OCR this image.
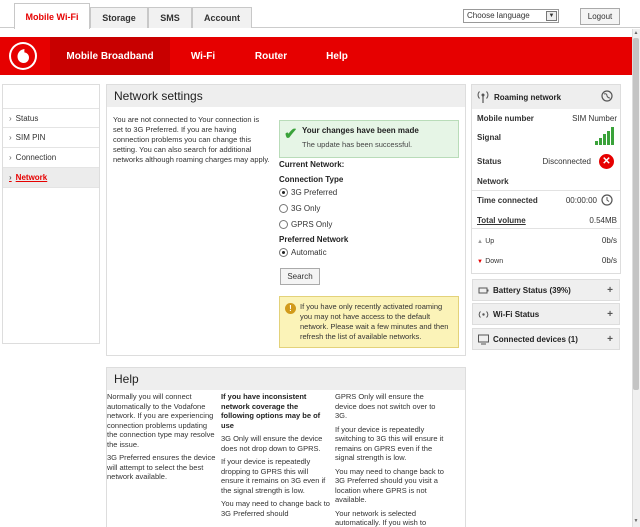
Mobile Wi-Fi	Storage	SMS	Account	Choose language	▼	Logout
Mobile Broadband	Wi-Fi	Router	Help
› Status
› SIM PIN
› Connection
› Network
Network settings
You are not connected to Your connection is set to 3G Preferred. If you are having connection problems you can change this setting. You can also search for additional networks although roaming charges may apply.
✔ Your changes have been made
The update has been successful.
Current Network:
Connection Type
3G Preferred
3G Only
GPRS Only
Preferred Network
Automatic
Search
!	If you have only recently activated roaming you may not have access to the default network. Please wait a few minutes and then refresh the list of available networks.
Help

Normally you will connect automatically to the Vodafone network. If you are experiencing connection problems updating the connection type may resolve the issue.

3G Preferred ensures the device will attempt to select the best network available.

If you have inconsistent network coverage the following options may be of use

3G Only will ensure the device does not drop down to GPRS.

If your device is repeatedly dropping to GPRS this will ensure it remains on 3G even if the signal strength is low.

You may need to change back to 3G Preferred should

GPRS Only will ensure the device does not switch over to 3G.

If your device is repeatedly switching to 3G this will ensure it remains on GPRS even if the signal strength is low.

You may need to change back to 3G Preferred should you visit a location where GPRS is not available.

Your network is selected automatically. If you wish to

Roaming network
Mobile number	SIM Number
Signal
Status	Disconnected	✕
Network
Time connected	00:00:00
Total volume	0.54MB
▲ Up	0b/s
▼ Down	0b/s
Battery Status (39%)	+
Wi-Fi Status	+
Connected devices (1)	+
▲
▼
